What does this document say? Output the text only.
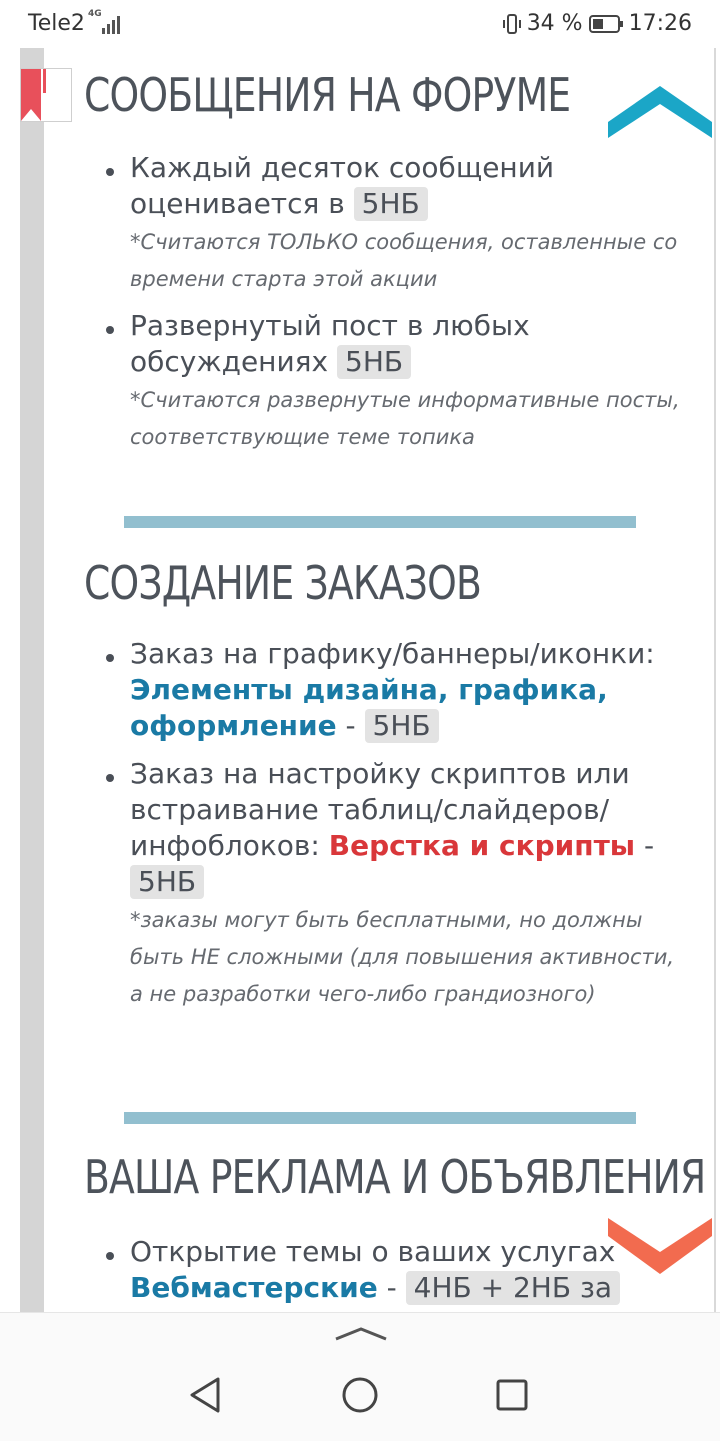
Tele2 4G	34 % 17:26
СООБЩЕНИЯ НА ФОРУМЕ
Каждый десяток сообщений оценивается в 5НБ
*Считаются ТОЛЬКО сообщения, оставленные со времени старта этой акции
Развернутый пост в любых обсуждениях 5НБ
*Считаются развернутые информативные посты, соответствующие теме топика
СОЗДАНИЕ ЗАКАЗОВ
Заказ на графику/баннеры/иконки: Элементы дизайна, графика, оформление - 5НБ
Заказ на настройку скриптов или встраивание таблиц/слайдеров/инфоблоков: Верстка и скрипты - 5НБ
*заказы могут быть бесплатными, но должны быть НЕ сложными (для повышения активности, а не разработки чего-либо грандиозного)
ВАША РЕКЛАМА И ОБЪЯВЛЕНИЯ
Открытие темы о ваших услугах Вебмастерские - 4НБ + 2НБ за
